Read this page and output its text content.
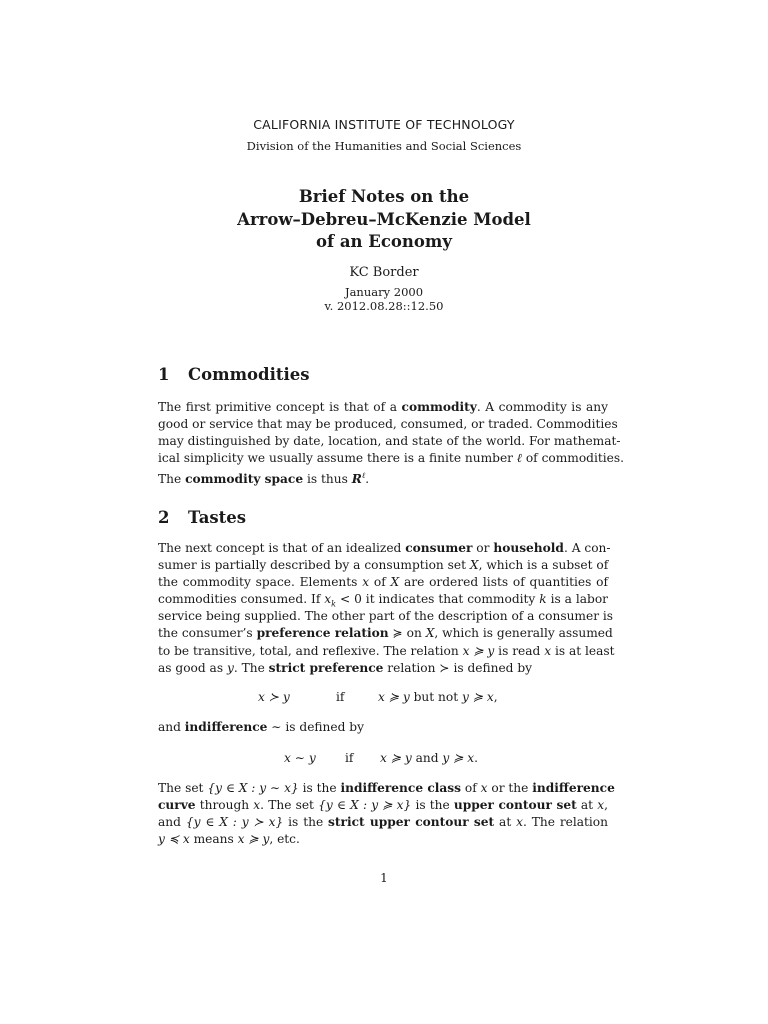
CALIFORNIA INSTITUTE OF TECHNOLOGY
Division of the Humanities and Social Sciences
Brief Notes on the
Arrow–Debreu–McKenzie Model
of an Economy
KC Border
January 2000
v. 2012.08.28::12.50
1 Commodities
The first primitive concept is that of a commodity. A commodity is any
good or service that may be produced, consumed, or traded. Commodities
may distinguished by date, location, and state of the world. For mathemat-
ical simplicity we usually assume there is a finite number ℓ of commodities.
The commodity space is thus $R^\ell$.
2 Tastes
The next concept is that of an idealized consumer or household. A con-
sumer is partially described by a consumption set X, which is a subset of
the commodity space. Elements x of X are ordered lists of quantities of
commodities consumed. If $x_k < 0$ it indicates that commodity k is a labor
service being supplied. The other part of the description of a consumer is
the consumer’s preference relation ≽ on X, which is generally assumed
to be transitive, total, and reflexive. The relation x ≽ y is read x is at least
as good as y. The strict preference relation ≻ is defined by
x ≻ y	if	x ≽ y but not y ≽ x,
and indifference ∼ is defined by
x ∼ y if x ≽ y and y ≽ x.
The set {y ∈ X : y ∼ x} is the indifference class of x or the indifference
curve through x. The set {y ∈ X : y ≽ x} is the upper contour set at x,
and {y ∈ X : y ≻ x} is the strict upper contour set at x. The relation
y ≼ x means x ≽ y, etc.
1
